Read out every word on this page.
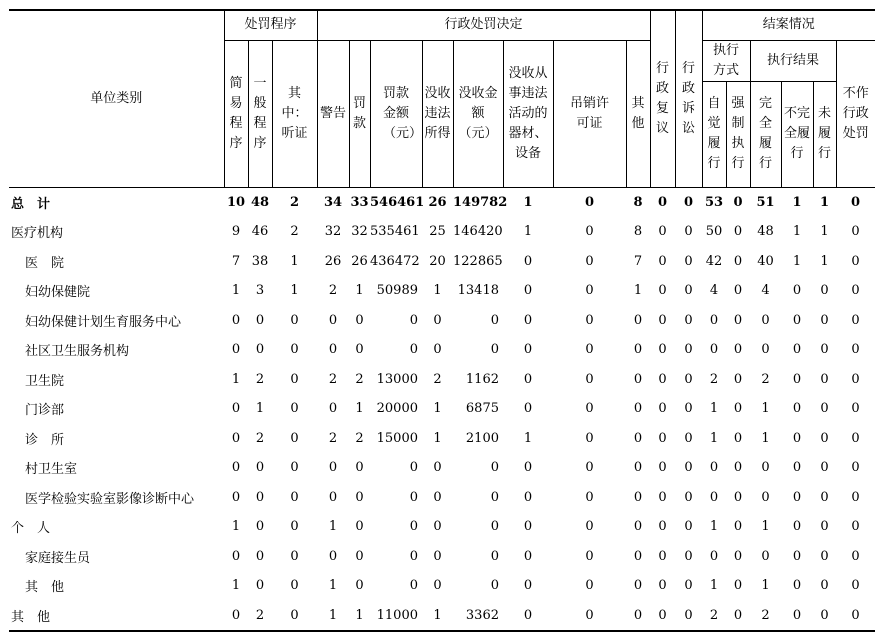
单位类别	处罚程序			行政处罚决定								行政复议	行政诉讼	结案情况					
	简易程序	一般程序	其中：听证	警告	罚款	罚款金额（元）	没收违法所得	没收金额（元）	没收从事违法活动的器材、设备	吊销许可证	其他			执行方式		执行结果			不作行政处罚
														自觉履行	强制执行	完全履行	不完全履行	未履行	
总　计	10	48	2	34	33	546461	26	149782	1	0	8	0	0	53	0	51	1	1	0
医疗机构	9	46	2	32	32	535461	25	146420	1	0	8	0	0	50	0	48	1	1	0
医　院	7	38	1	26	26	436472	20	122865	0	0	7	0	0	42	0	40	1	1	0
妇幼保健院	1	3	1	2	1	50989	1	13418	0	0	1	0	0	4	0	4	0	0	0
妇幼保健计划生育服务中心	0	0	0	0	0	0	0	0	0	0	0	0	0	0	0	0	0	0	0
社区卫生服务机构	0	0	0	0	0	0	0	0	0	0	0	0	0	0	0	0	0	0	0
卫生院	1	2	0	2	2	13000	2	1162	0	0	0	0	0	2	0	2	0	0	0
门诊部	0	1	0	0	1	20000	1	6875	0	0	0	0	0	1	0	1	0	0	0
诊　所	0	2	0	2	2	15000	1	2100	1	0	0	0	0	1	0	1	0	0	0
村卫生室	0	0	0	0	0	0	0	0	0	0	0	0	0	0	0	0	0	0	0
医学检验实验室影像诊断中心	0	0	0	0	0	0	0	0	0	0	0	0	0	0	0	0	0	0	0
个　人	1	0	0	1	0	0	0	0	0	0	0	0	0	1	0	1	0	0	0
家庭接生员	0	0	0	0	0	0	0	0	0	0	0	0	0	0	0	0	0	0	0
其　他	1	0	0	1	0	0	0	0	0	0	0	0	0	1	0	1	0	0	0
其　他	0	2	0	1	1	11000	1	3362	0	0	0	0	0	2	0	2	0	0	0
